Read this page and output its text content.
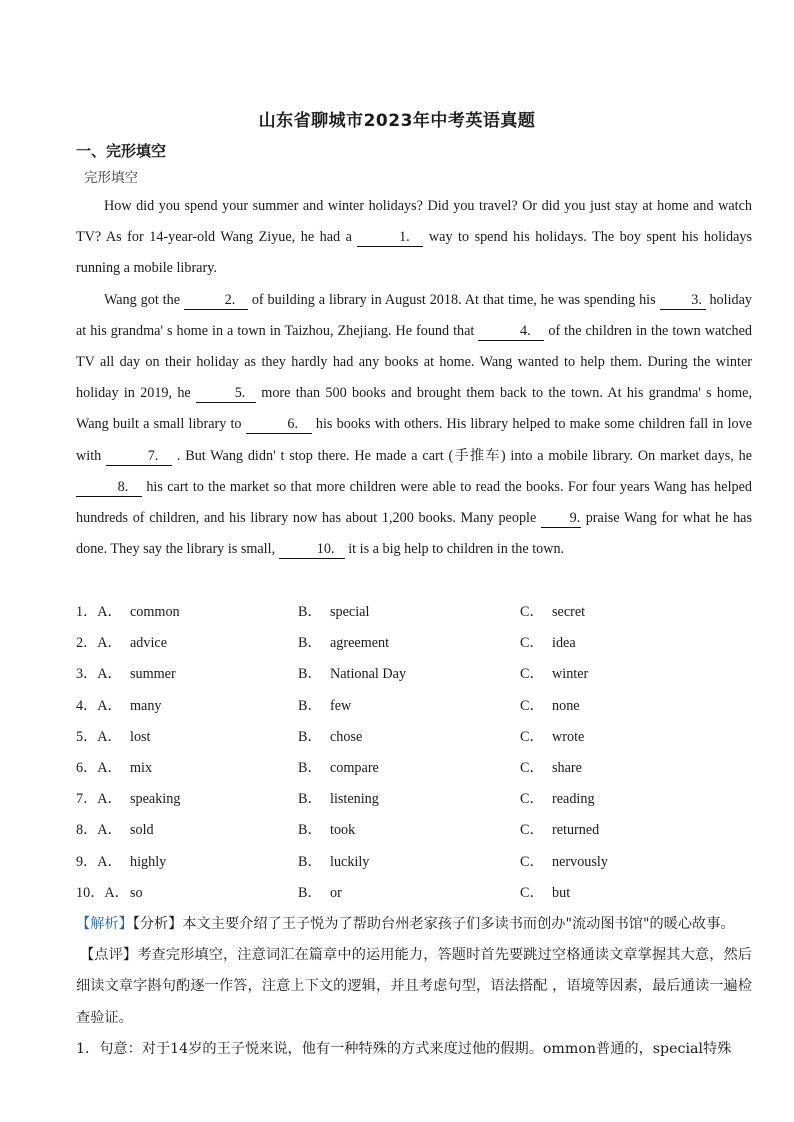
山东省聊城市2023年中考英语真题
一、完形填空
完形填空

How did you spend your summer and winter holidays? Did you travel? Or did you just stay at home and watch TV? As for 14-year-old Wang Ziyue, he had a	1. way to spend his holidays. The boy spent his holidays running a mobile library.

Wang got the	2. of building a library in August 2018. At that time, he was spending his 3. holiday at his grandma' s home in a town in Taizhou, Zhejiang. He found that	4. of the children in the town watched TV all day on their holiday as they hardly had any books at home. Wang wanted to help them. During the winter holiday in 2019, he	5. more than 500 books and brought them back to the town. At his grandma' s home, Wang built a small library to	6. his books with others. His library helped to make some children fall in love with	7. . But Wang didn' t stop there. He made a cart (手推车) into a mobile library. On market days, he 8. his cart to the market so that more children were able to read the books. For four years Wang has helped hundreds of children, and his library now has about 1,200 books. Many people 9. praise Wang for what he has done. They say the library is small,	10. it is a big help to children in the town.

1．A． common	B． special	C． secret
2．A． advice	B． agreement	C． idea
3．A． summer	B． National Day	C． winter
4．A． many	B． few	C． none
5．A． lost	B． chose	C． wrote
6．A． mix	B． compare	C． share
7．A． speaking	B． listening	C． reading
8．A． sold	B． took	C． returned
9．A． highly	B． luckily	C． nervously
10．A． so	B． or	C． but

【解析】【分析】本文主要介绍了王子悦为了帮助台州老家孩子们多读书而创办"流动图书馆"的暖心故事。

【点评】考查完形填空，注意词汇在篇章中的运用能力，答题时首先要跳过空格通读文章掌握其大意，然后细读文章字斟句酌逐一作答，注意上下文的逻辑，并且考虑句型，语法搭配 ，语境等因素，最后通读一遍检查验证。

1．句意：对于14岁的王子悦来说，他有一种特殊的方式来度过他的假期。ommon普通的，special特殊
